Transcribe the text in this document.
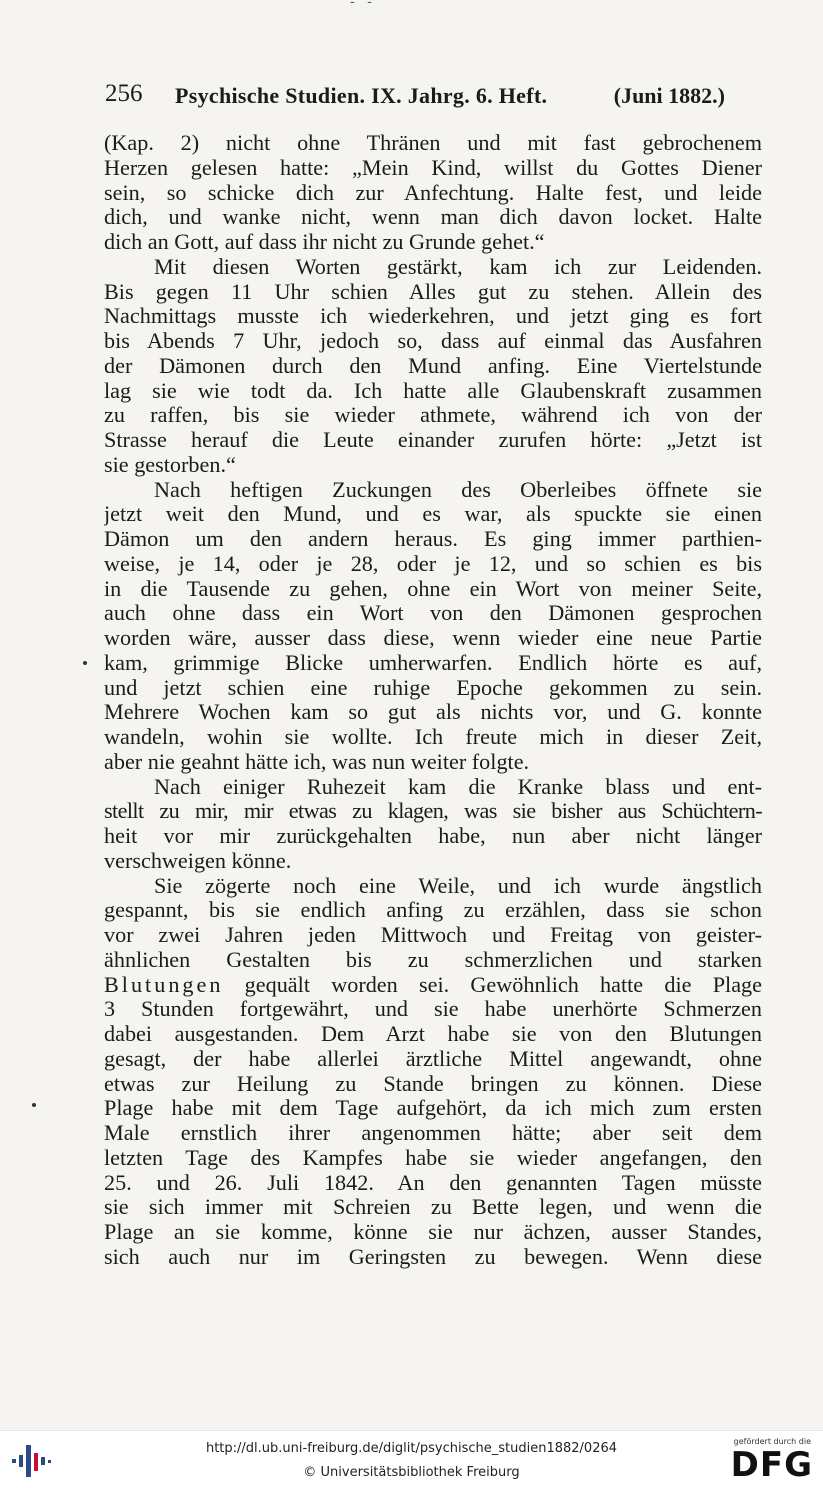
- -
256 Psychische Studien. IX. Jahrg. 6. Heft.	(Juni 1882.)
(Kap. 2) nicht ohne Thränen und mit fast gebrochenem
Herzen gelesen hatte: „Mein Kind, willst du Gottes Diener
sein, so schicke dich zur Anfechtung. Halte fest, und leide
dich, und wanke nicht, wenn man dich davon locket. Halte
dich an Gott, auf dass ihr nicht zu Grunde gehet.“
Mit diesen Worten gestärkt, kam ich zur Leidenden.
Bis gegen 11 Uhr schien Alles gut zu stehen. Allein des
Nachmittags musste ich wiederkehren, und jetzt ging es fort
bis Abends 7 Uhr, jedoch so, dass auf einmal das Ausfahren
der Dämonen durch den Mund anfing. Eine Viertelstunde
lag sie wie todt da. Ich hatte alle Glaubenskraft zusammen
zu raffen, bis sie wieder athmete, während ich von der
Strasse herauf die Leute einander zurufen hörte: „Jetzt ist
sie gestorben.“
Nach heftigen Zuckungen des Oberleibes öffnete sie
jetzt weit den Mund, und es war, als spuckte sie einen
Dämon um den andern heraus. Es ging immer parthien-
weise, je 14, oder je 28, oder je 12, und so schien es bis
in die Tausende zu gehen, ohne ein Wort von meiner Seite,
auch ohne dass ein Wort von den Dämonen gesprochen
worden wäre, ausser dass diese, wenn wieder eine neue Partie
kam, grimmige Blicke umherwarfen. Endlich hörte es auf,
und jetzt schien eine ruhige Epoche gekommen zu sein.
Mehrere Wochen kam so gut als nichts vor, und G. konnte
wandeln, wohin sie wollte. Ich freute mich in dieser Zeit,
aber nie geahnt hätte ich, was nun weiter folgte.
Nach einiger Ruhezeit kam die Kranke blass und ent-
stellt zu mir, mir etwas zu klagen, was sie bisher aus Schüchtern-
heit vor mir zurückgehalten habe, nun aber nicht länger
verschweigen könne.
Sie zögerte noch eine Weile, und ich wurde ängstlich
gespannt, bis sie endlich anfing zu erzählen, dass sie schon
vor zwei Jahren jeden Mittwoch und Freitag von geister-
ähnlichen Gestalten bis zu schmerzlichen und starken
Blutungen gequält worden sei. Gewöhnlich hatte die Plage
3 Stunden fortgewährt, und sie habe unerhörte Schmerzen
dabei ausgestanden. Dem Arzt habe sie von den Blutungen
gesagt, der habe allerlei ärztliche Mittel angewandt, ohne
etwas zur Heilung zu Stande bringen zu können. Diese
Plage habe mit dem Tage aufgehört, da ich mich zum ersten
Male ernstlich ihrer angenommen hätte; aber seit dem
letzten Tage des Kampfes habe sie wieder angefangen, den
25. und 26. Juli 1842. An den genannten Tagen müsste
sie sich immer mit Schreien zu Bette legen, und wenn die
Plage an sie komme, könne sie nur ächzen, ausser Standes,
sich auch nur im Geringsten zu bewegen. Wenn diese
http://dl.ub.uni-freiburg.de/diglit/psychische_studien1882/0264
© Universitätsbibliothek Freiburg
gefördert durch die
DFG
